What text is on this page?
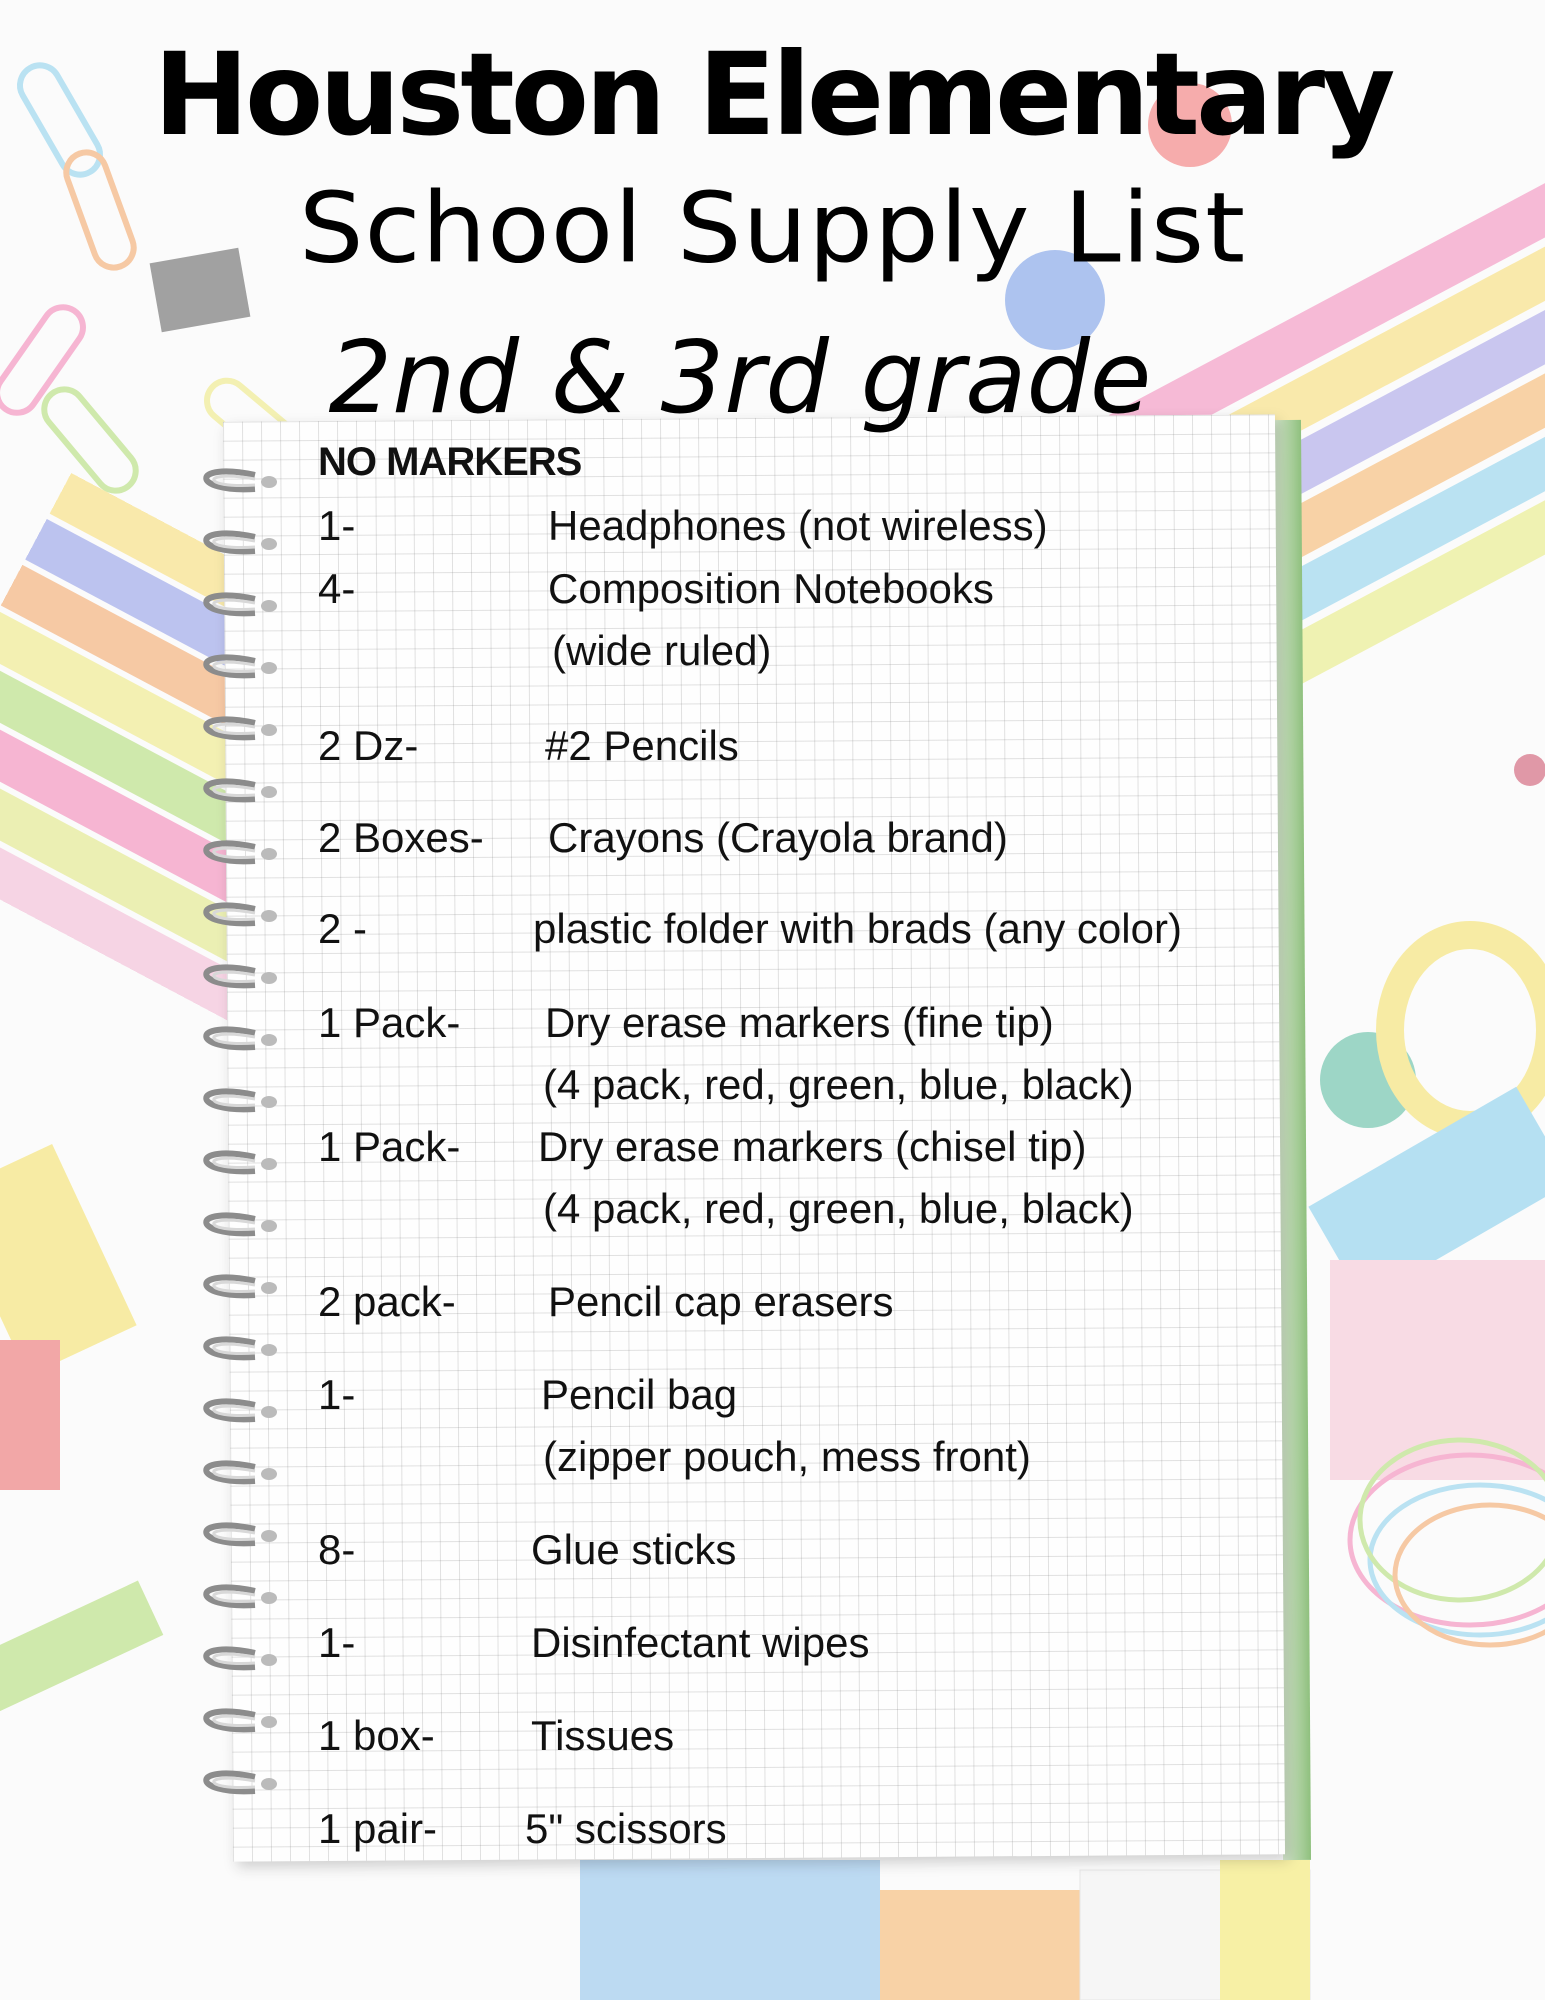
Houston Elementary
School Supply List
2nd & 3rd grade
NO MARKERS
1-	Headphones (not wireless)
4-	Composition Notebooks
(wide ruled)
2 Dz-	#2 Pencils
2 Boxes- Crayons (Crayola brand)
2 -	plastic folder with brads (any color)
1 Pack- Dry erase markers (fine tip)
(4 pack, red, green, blue, black)
1 Pack- Dry erase markers (chisel tip)
(4 pack, red, green, blue, black)
2 pack- Pencil cap erasers
1-	Pencil bag
(zipper pouch, mess front)
8-	Glue sticks
1-	Disinfectant wipes
1 box- Tissues
1 pair- 5" scissors
